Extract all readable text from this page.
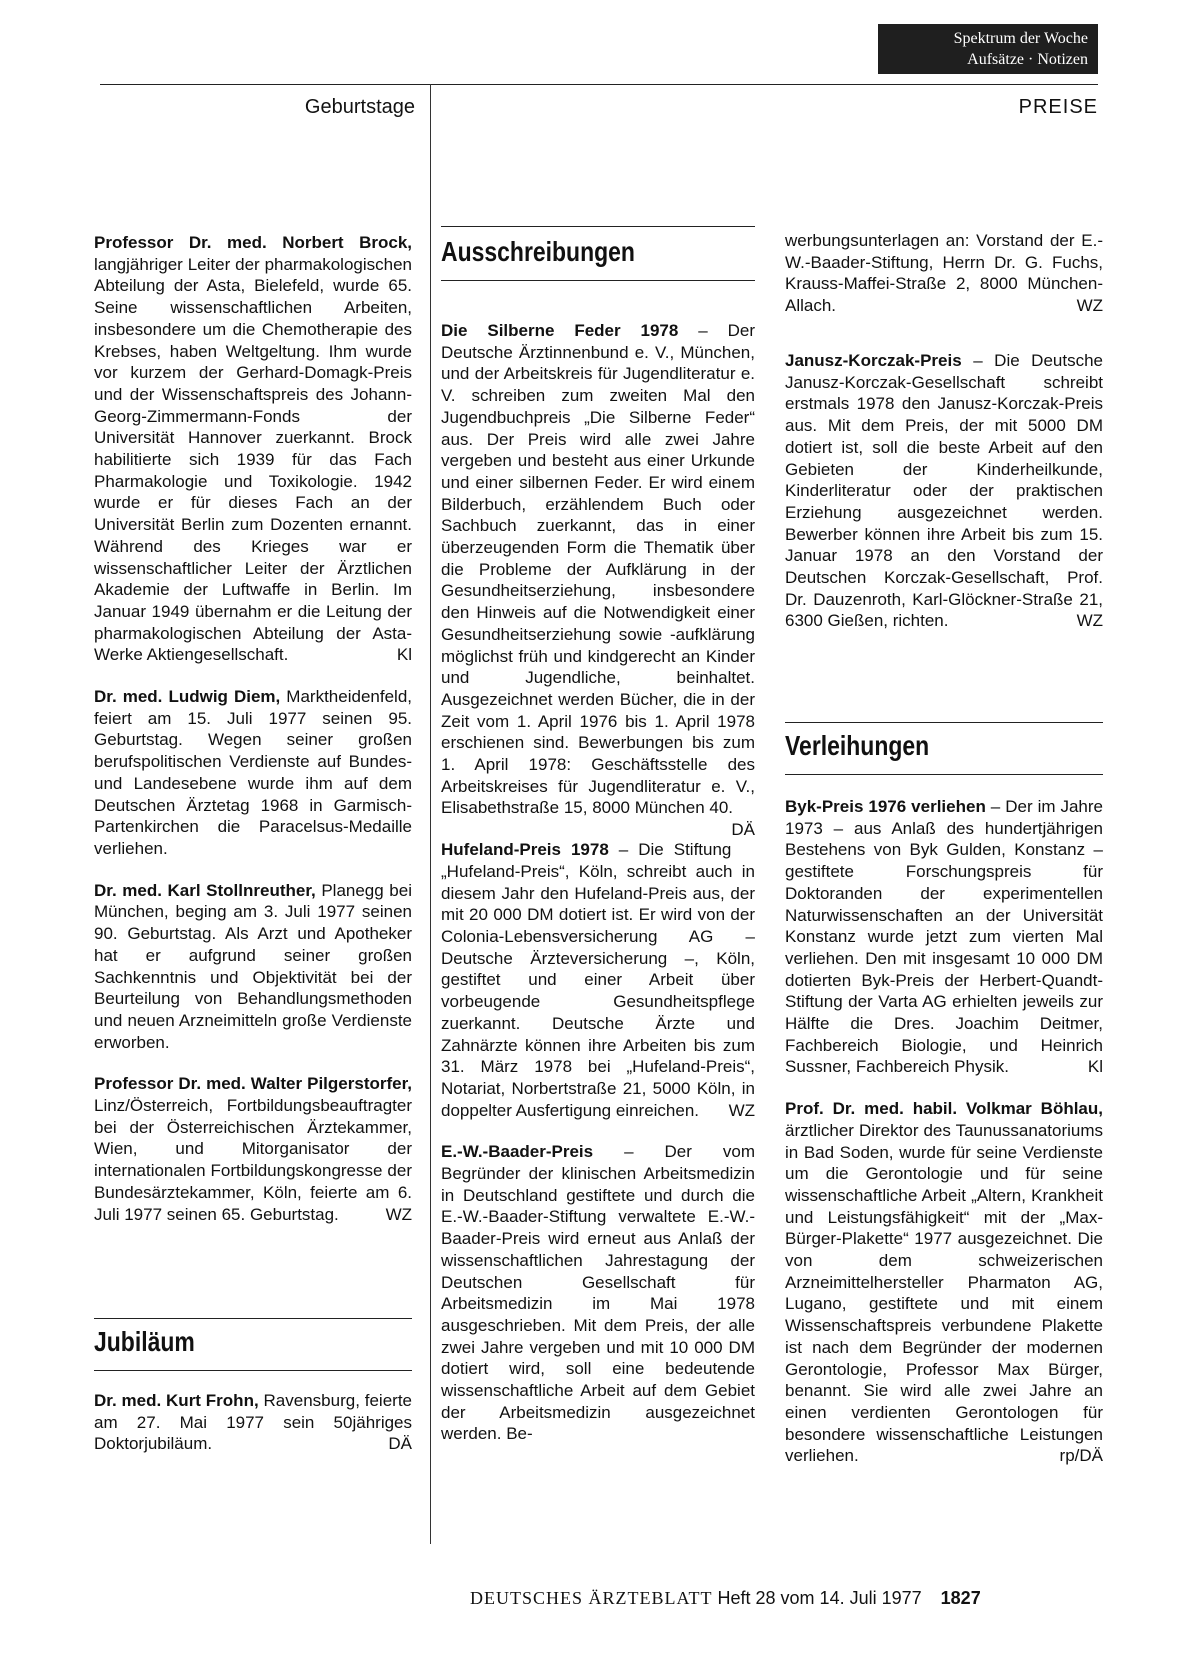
Spektrum der Woche
Aufsätze · Notizen
Geburtstage	PREISE

Professor Dr. med. Norbert Brock, langjähriger Leiter der pharmakologischen Abteilung der Asta, Bielefeld, wurde 65. Seine wissenschaftlichen Arbeiten, insbesondere um die Chemotherapie des Krebses, haben Weltgeltung. Ihm wurde vor kurzem der Gerhard-Domagk-Preis und der Wissenschaftspreis des Johann-Georg-Zimmermann-Fonds der Universität Hannover zuerkannt. Brock habilitierte sich 1939 für das Fach Pharmakologie und Toxikologie. 1942 wurde er für dieses Fach an der Universität Berlin zum Dozenten ernannt. Während des Krieges war er wissenschaftlicher Leiter der Ärztlichen Akademie der Luftwaffe in Berlin. Im Januar 1949 übernahm er die Leitung der pharmakologischen Abteilung der Asta-Werke Aktiengesellschaft.	Kl

Dr. med. Ludwig Diem, Marktheidenfeld, feiert am 15. Juli 1977 seinen 95. Geburtstag. Wegen seiner großen berufspolitischen Verdienste auf Bundes- und Landesebene wurde ihm auf dem Deutschen Ärztetag 1968 in Garmisch-Partenkirchen die Paracelsus-Medaille verliehen.

Dr. med. Karl Stollnreuther, Planegg bei München, beging am 3. Juli 1977 seinen 90. Geburtstag. Als Arzt und Apotheker hat er aufgrund seiner großen Sachkenntnis und Objektivität bei der Beurteilung von Behandlungsmethoden und neuen Arzneimitteln große Verdienste erworben.

Professor Dr. med. Walter Pilgerstorfer, Linz/Österreich, Fortbildungsbeauftragter bei der Österreichischen Ärztekammer, Wien, und Mitorganisator der internationalen Fortbildungskongresse der Bundesärztekammer, Köln, feierte am 6. Juli 1977 seinen 65. Geburtstag.	WZ

Jubiläum

Dr. med. Kurt Frohn, Ravensburg, feierte am 27. Mai 1977 sein 50jähriges Doktorjubiläum.	DÄ

Ausschreibungen

Die Silberne Feder 1978 – Der Deutsche Ärztinnenbund e. V., München, und der Arbeitskreis für Jugendliteratur e. V. schreiben zum zweiten Mal den Jugendbuchpreis „Die Silberne Feder“ aus. Der Preis wird alle zwei Jahre vergeben und besteht aus einer Urkunde und einer silbernen Feder. Er wird einem Bilderbuch, erzählendem Buch oder Sachbuch zuerkannt, das in einer überzeugenden Form die Thematik über die Probleme der Aufklärung in der Gesundheitserziehung, insbesondere den Hinweis auf die Notwendigkeit einer Gesundheitserziehung sowie -aufklärung möglichst früh und kindgerecht an Kinder und Jugendliche, beinhaltet. Ausgezeichnet werden Bücher, die in der Zeit vom 1. April 1976 bis 1. April 1978 erschienen sind. Bewerbungen bis zum 1. April 1978: Geschäftsstelle des Arbeitskreises für Jugendliteratur e. V., Elisabethstraße 15, 8000 München 40.
DÄ

Hufeland-Preis 1978 – Die Stiftung „Hufeland-Preis“, Köln, schreibt auch in diesem Jahr den Hufeland-Preis aus, der mit 20 000 DM dotiert ist. Er wird von der Colonia-Lebensversicherung AG – Deutsche Ärzteversicherung –, Köln, gestiftet und einer Arbeit über vorbeugende Gesundheitspflege zuerkannt. Deutsche Ärzte und Zahnärzte können ihre Arbeiten bis zum 31. März 1978 bei „Hufeland-Preis“, Notariat, Norbertstraße 21, 5000 Köln, in doppelter Ausfertigung einreichen. WZ

E.-W.-Baader-Preis – Der vom Begründer der klinischen Arbeitsmedizin in Deutschland gestiftete und durch die E.-W.-Baader-Stiftung verwaltete E.-W.-Baader-Preis wird erneut aus Anlaß der wissenschaftlichen Jahrestagung der Deutschen Gesellschaft für Arbeitsmedizin im Mai 1978 ausgeschrieben. Mit dem Preis, der alle zwei Jahre vergeben und mit 10 000 DM dotiert wird, soll eine bedeutende wissenschaftliche Arbeit auf dem Gebiet der Arbeitsmedizin ausgezeichnet werden. Be-

werbungsunterlagen an: Vorstand der E.-W.-Baader-Stiftung, Herrn Dr. G. Fuchs, Krauss-Maffei-Straße 2, 8000 München-Allach.	WZ

Janusz-Korczak-Preis – Die Deutsche Janusz-Korczak-Gesellschaft schreibt erstmals 1978 den Janusz-Korczak-Preis aus. Mit dem Preis, der mit 5000 DM dotiert ist, soll die beste Arbeit auf den Gebieten der Kinderheilkunde, Kinderliteratur oder der praktischen Erziehung ausgezeichnet werden. Bewerber können ihre Arbeit bis zum 15. Januar 1978 an den Vorstand der Deutschen Korczak-Gesellschaft, Prof. Dr. Dauzenroth, Karl-Glöckner-Straße 21, 6300 Gießen, richten.	WZ

Verleihungen

Byk-Preis 1976 verliehen – Der im Jahre 1973 – aus Anlaß des hundertjährigen Bestehens von Byk Gulden, Konstanz – gestiftete Forschungspreis für Doktoranden der experimentellen Naturwissenschaften an der Universität Konstanz wurde jetzt zum vierten Mal verliehen. Den mit insgesamt 10 000 DM dotierten Byk-Preis der Herbert-Quandt-Stiftung der Varta AG erhielten jeweils zur Hälfte die Dres. Joachim Deitmer, Fachbereich Biologie, und Heinrich Sussner, Fachbereich Physik.	Kl

Prof. Dr. med. habil. Volkmar Böhlau, ärztlicher Direktor des Taunussanatoriums in Bad Soden, wurde für seine Verdienste um die Gerontologie und für seine wissenschaftliche Arbeit „Altern, Krankheit und Leistungsfähigkeit“ mit der „Max-Bürger-Plakette“ 1977 ausgezeichnet. Die von dem schweizerischen Arzneimittelhersteller Pharmaton AG, Lugano, gestiftete und mit einem Wissenschaftspreis verbundene Plakette ist nach dem Begründer der modernen Gerontologie, Professor Max Bürger, benannt. Sie wird alle zwei Jahre an einen verdienten Gerontologen für besondere wissenschaftliche Leistungen verliehen.	rp/DÄ

DEUTSCHES ÄRZTEBLATT Heft 28 vom 14. Juli 1977 1827
